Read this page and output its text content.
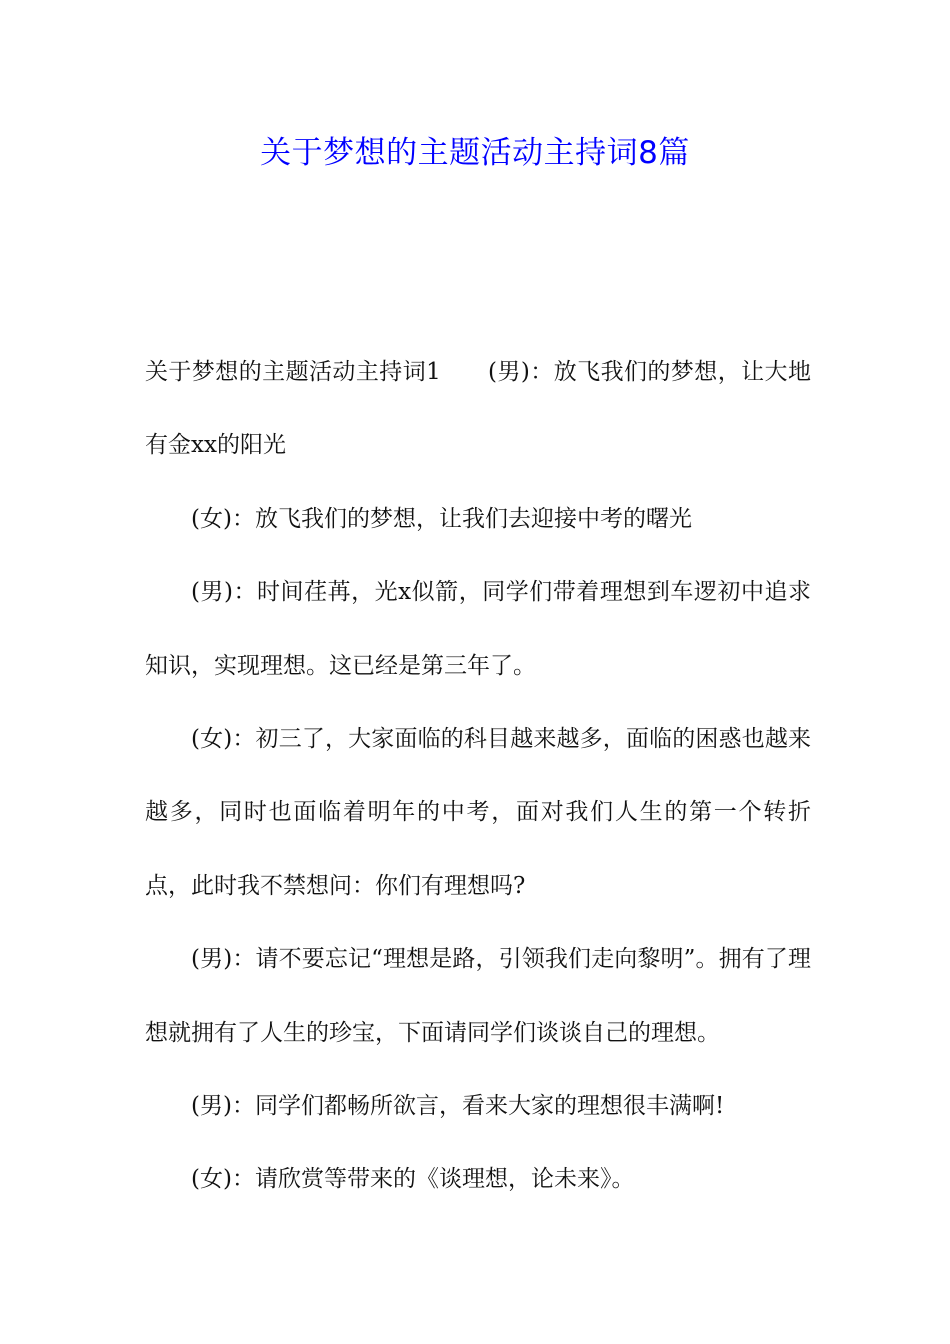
关于梦想的主题活动主持词8篇

关于梦想的主题活动主持词1　　(男)：放飞我们的梦想，让大地有金xx的阳光

(女)：放飞我们的梦想，让我们去迎接中考的曙光

(男)：时间荏苒，光x似箭，同学们带着理想到车逻初中追求知识，实现理想。这已经是第三年了。

(女)：初三了，大家面临的科目越来越多，面临的困惑也越来越多，同时也面临着明年的中考，面对我们人生的第一个转折点，此时我不禁想问：你们有理想吗?

(男)：请不要忘记“理想是路，引领我们走向黎明”。拥有了理想就拥有了人生的珍宝，下面请同学们谈谈自己的理想。

(男)：同学们都畅所欲言，看来大家的理想很丰满啊!

(女)：请欣赏等带来的《谈理想，论未来》。
